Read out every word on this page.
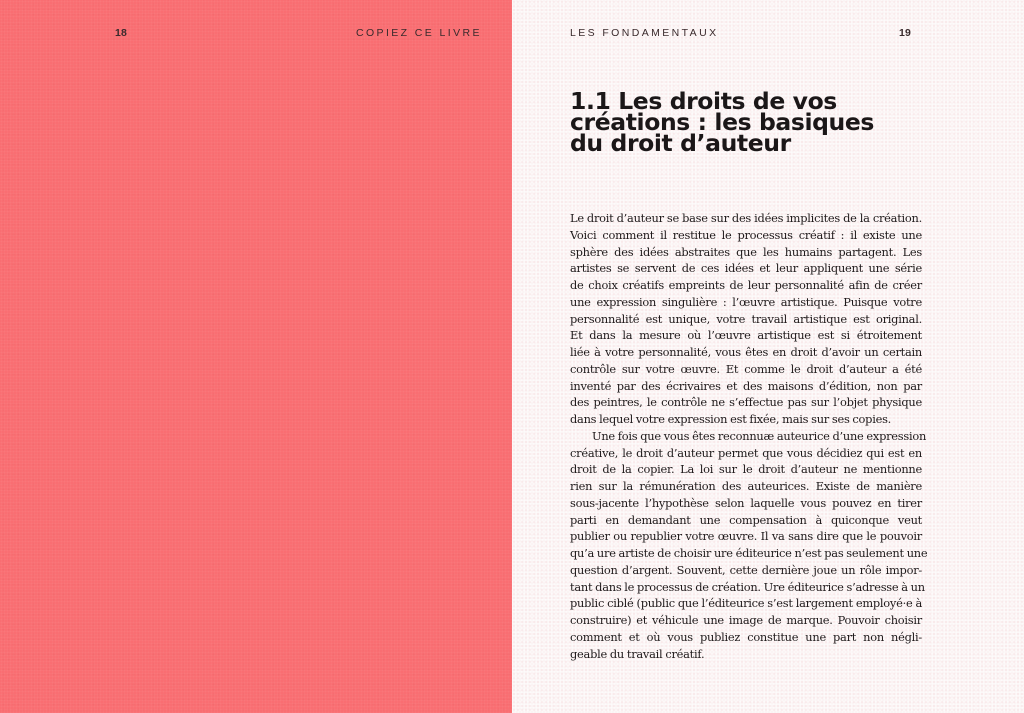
18	COPIEZ CE LIVRE	LES FONDAMENTAUX	19
1.1 Les droits de vos
créations : les basiques
du droit d’auteur
Le droit d’auteur se base sur des idées implicites de la création.
Voici comment il restitue le processus créatif : il existe une
sphère des idées abstraites que les humains partagent. Les
artistes se servent de ces idées et leur appliquent une série
de choix créatifs empreints de leur personnalité afin de créer
une expression singulière : l’œuvre artistique. Puisque votre
personnalité est unique, votre travail artistique est original.
Et dans la mesure où l’œuvre artistique est si étroitement
liée à votre personnalité, vous êtes en droit d’avoir un certain
contrôle sur votre œuvre. Et comme le droit d’auteur a été
inventé par des écrivaires et des maisons d’édition, non par
des peintres, le contrôle ne s’effectue pas sur l’objet physique
dans lequel votre expression est fixée, mais sur ses copies.
Une fois que vous êtes reconnuæ auteurice d’une expression
créative, le droit d’auteur permet que vous décidiez qui est en
droit de la copier. La loi sur le droit d’auteur ne mentionne
rien sur la rémunération des auteurices. Existe de manière
sous-jacente l’hypothèse selon laquelle vous pouvez en tirer
parti en demandant une compensation à quiconque veut
publier ou republier votre œuvre. Il va sans dire que le pouvoir
qu’a ure artiste de choisir ure éditeurice n’est pas seulement une
question d’argent. Souvent, cette dernière joue un rôle impor-
tant dans le processus de création. Ure éditeurice s’adresse à un
public ciblé (public que l’éditeurice s’est largement employé·e à
construire) et véhicule une image de marque. Pouvoir choisir
comment et où vous publiez constitue une part non négli-
geable du travail créatif.
